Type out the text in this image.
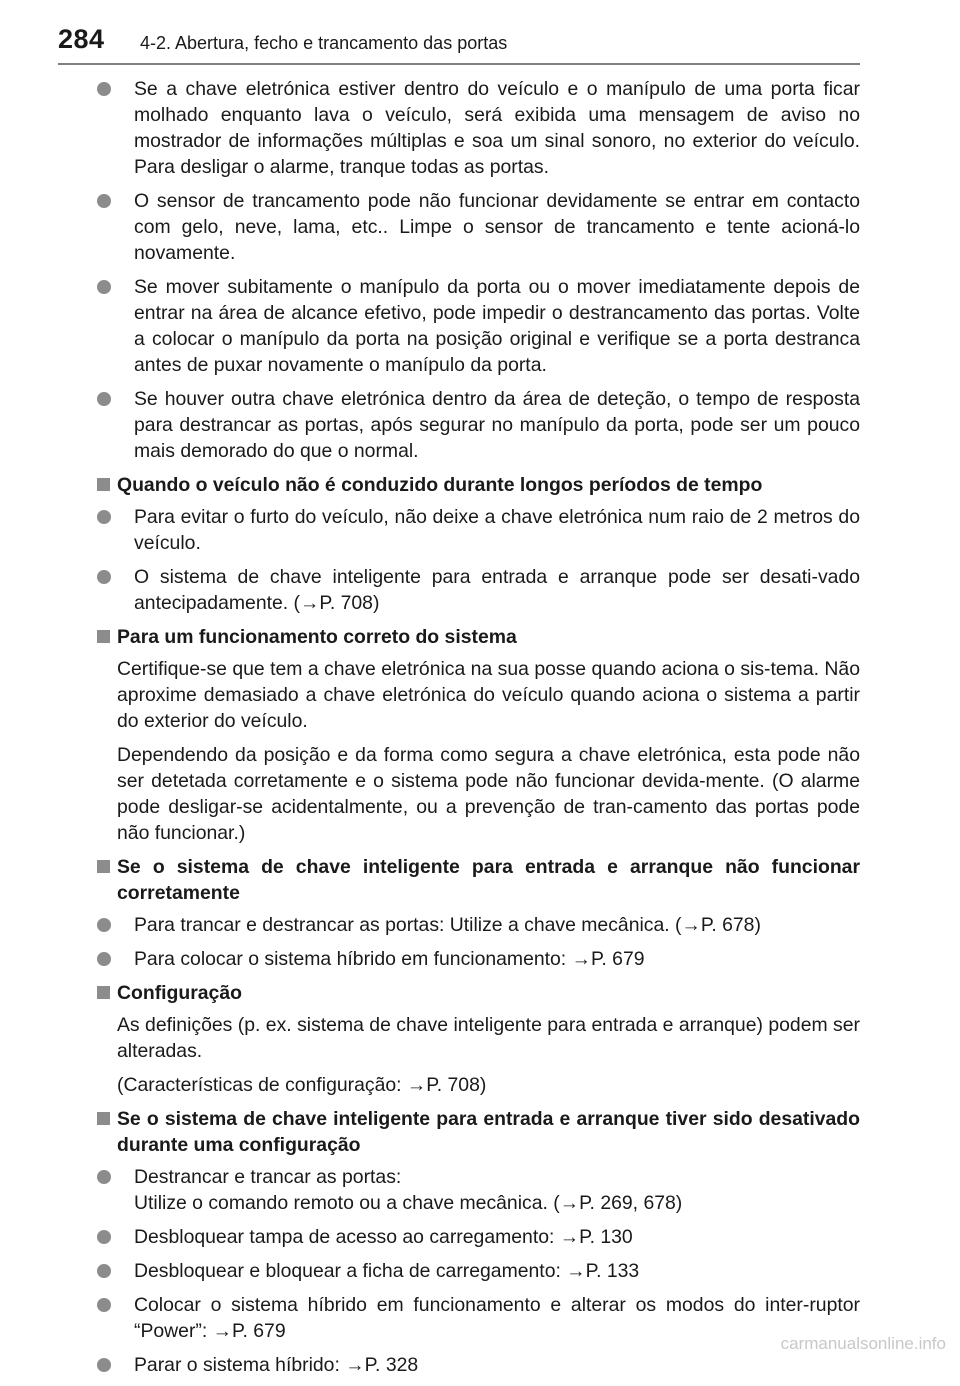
284 4-2. Abertura, fecho e trancamento das portas
Se a chave eletrónica estiver dentro do veículo e o manípulo de uma porta ficar molhado enquanto lava o veículo, será exibida uma mensagem de aviso no mostrador de informações múltiplas e soa um sinal sonoro, no exterior do veículo. Para desligar o alarme, tranque todas as portas.
O sensor de trancamento pode não funcionar devidamente se entrar em contacto com gelo, neve, lama, etc.. Limpe o sensor de trancamento e tente acioná-lo novamente.
Se mover subitamente o manípulo da porta ou o mover imediatamente depois de entrar na área de alcance efetivo, pode impedir o destrancamento das portas. Volte a colocar o manípulo da porta na posição original e verifique se a porta destranca antes de puxar novamente o manípulo da porta.
Se houver outra chave eletrónica dentro da área de deteção, o tempo de resposta para destrancar as portas, após segurar no manípulo da porta, pode ser um pouco mais demorado do que o normal.
Quando o veículo não é conduzido durante longos períodos de tempo
Para evitar o furto do veículo, não deixe a chave eletrónica num raio de 2 metros do veículo.
O sistema de chave inteligente para entrada e arranque pode ser desati-vado antecipadamente. (→P. 708)
Para um funcionamento correto do sistema
Certifique-se que tem a chave eletrónica na sua posse quando aciona o sis-tema. Não aproxime demasiado a chave eletrónica do veículo quando aciona o sistema a partir do exterior do veículo.
Dependendo da posição e da forma como segura a chave eletrónica, esta pode não ser detetada corretamente e o sistema pode não funcionar devida-mente. (O alarme pode desligar-se acidentalmente, ou a prevenção de tran-camento das portas pode não funcionar.)
Se o sistema de chave inteligente para entrada e arranque não funcionar corretamente
Para trancar e destrancar as portas: Utilize a chave mecânica. (→P. 678)
Para colocar o sistema híbrido em funcionamento: →P. 679
Configuração
As definições (p. ex. sistema de chave inteligente para entrada e arranque) podem ser alteradas.
(Características de configuração: →P. 708)
Se o sistema de chave inteligente para entrada e arranque tiver sido desativado durante uma configuração
Destrancar e trancar as portas:
Utilize o comando remoto ou a chave mecânica. (→P. 269, 678)
Desbloquear tampa de acesso ao carregamento: →P. 130
Desbloquear e bloquear a ficha de carregamento: →P. 133
Colocar o sistema híbrido em funcionamento e alterar os modos do inter-ruptor “Power”: →P. 679
Parar o sistema híbrido: →P. 328
carmanualsonline.info
